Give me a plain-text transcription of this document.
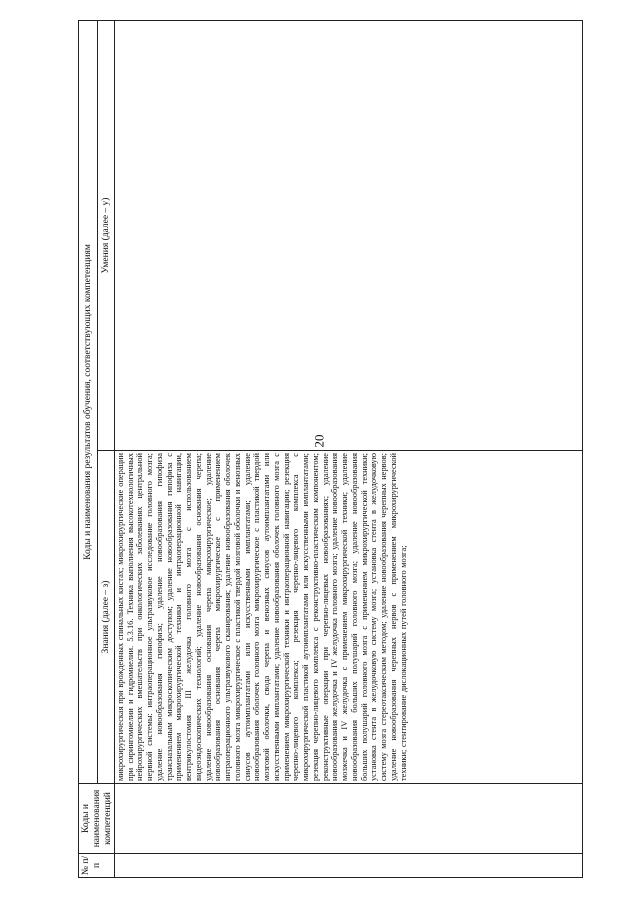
20
№ п/п	Коды и наименования компетенций	Коды и наименования результатов обучения, соответствующих компетенциям	
		Знания (далее – з)	Умения (далее – у)

		микрохирургическая при врожденных спинальных кистах; микрохирургические операции при сирингомиелии и гидромиелии. 5.3.16. Техника выполнения высокотехнологичных нейрохирургических вмешательств при онкологических заболеваниях центральной нервной системы: интраоперационное ультразвуковое исследование головного мозга; удаление новообразования гипофиза; удаление новообразования гипофиза трансназальным микроскопическим доступом; удаление новообразования гипофиза с применением микрохирургической техники и интраоперационной навигации, вентрикулостомия III желудочка головного мозга с использованием видеоэндоскопических технологий; удаление новообразования основания черепа; удаление новообразования основания черепа микрохирургическое; удаление новообразования основания черепа микрохирургическое с применением интраоперационного ультразвукового сканирования; удаление новообразования оболочек головного мозга микрохирургическое с пластикой твердой мозговой оболочки и венозных синусов аутоимплантатами или искусственными имплантатами; удаление новообразования оболочек головного мозга микрохирургическое с пластикой твердой мозговой оболочки, свода черепа и венозных синусов аутоимплантатами или искусственными имплантатами; удаление новообразования оболочек головного мозга с применением микрохирургической техники и интраоперационной навигации; резекция черепно-лицевого комплекса; резекция черепно-лицевого комплекса с микрохирургической пластикой аутоимплантатами или искусственными имплантатами; резекция черепно-лицевого комплекса с реконструктивно-пластическим компонентом; реконструктивные операции при черепно-лицевых новообразованиях; удаление новообразования желудочка и IV желудочка головного мозга; удаление новообразования мозжечка и IV желудочка с применением микрохирургической техники; удаление новообразования больших полушарий головного мозга; удаление новообразования больших полушарий головного мозга с применением микрохирургической техники; установка стента в желудочковую систему мозга; установка стента в желудочковую систему мозга стереотаксическим методом; удаление новообразования черепных нервов; удаление новообразования черепных нервов с применением микрохирургической техники; стентирование дислокационных путей головного мозга;	
